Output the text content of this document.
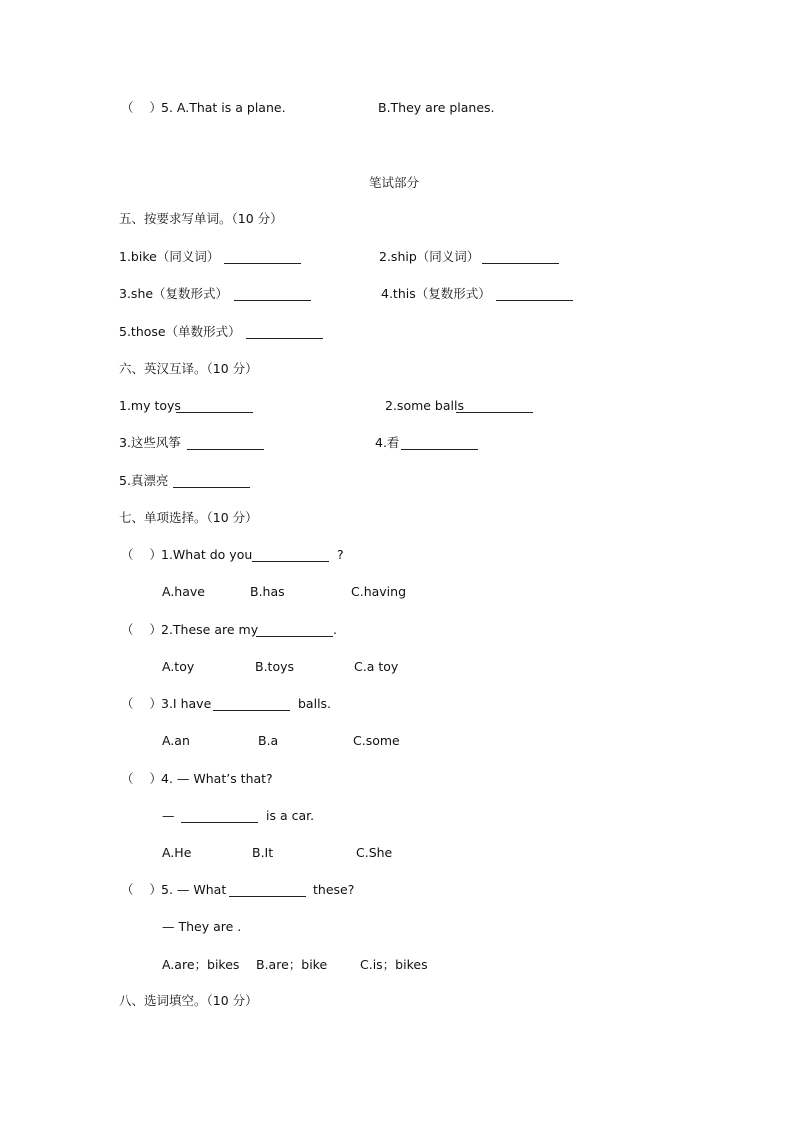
（    ） 5. A.That is a plane.	B.They are planes.
笔试部分
五、按要求写单词。（10 分）
1.bike（同义词）	2.ship（同义词）
3.she（复数形式）	4.this（复数形式）
5.those（单数形式）
六、英汉互译。（10 分）
1.my toys	2.some balls
3.这些风筝	4.看
5.真漂亮
七、单项选择。（10 分）
（    ） 1.What do you	?
A.have	B.has	C.having
（    ） 2.These are my	.
A.toy	B.toys	C.a toy
（    ） 3.I have	balls.
A.an	B.a	C.some
（    ） 4. — What’s that?
—	is a car.
A.He	B.It	C.She
（    ） 5. — What	these?
— They are .
A.are；bikes B.are；bike	C.is；bikes
八、选词填空。（10 分）
